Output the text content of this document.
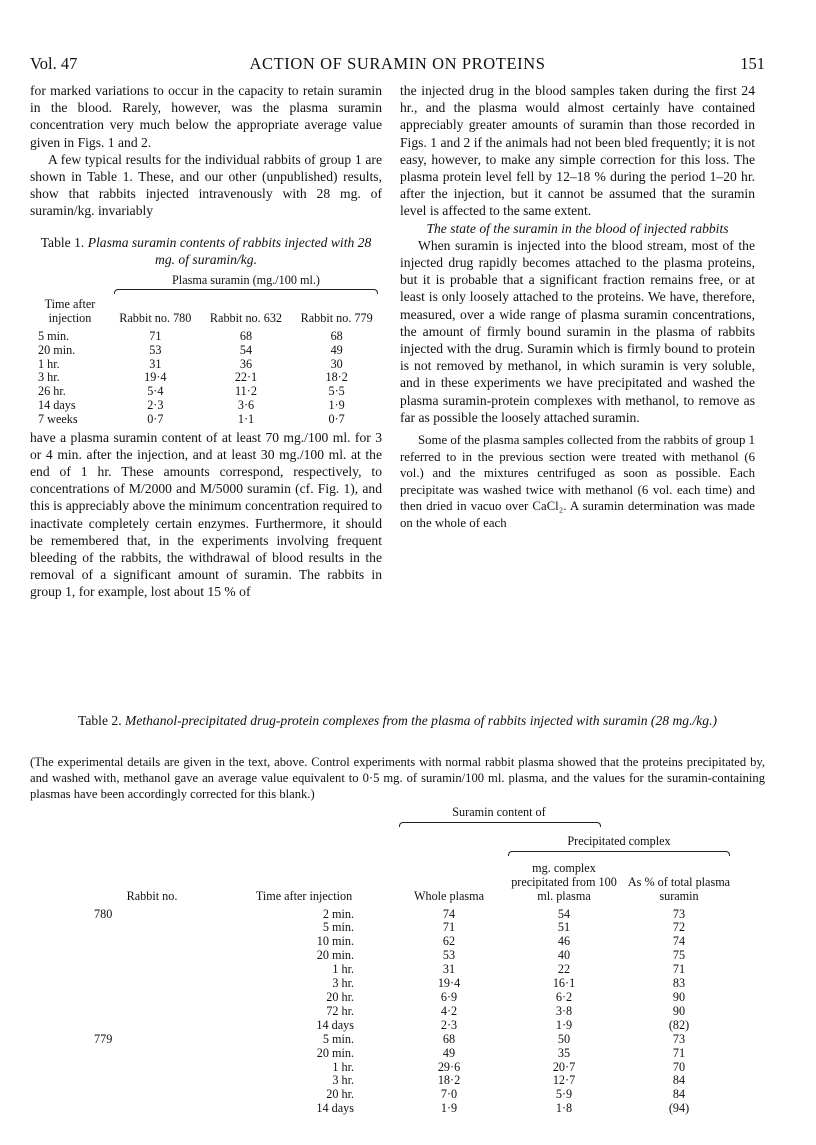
Vol. 47	ACTION OF SURAMIN ON PROTEINS	151

for marked variations to occur in the capacity to retain suramin in the blood. Rarely, however, was the plasma suramin concentration very much below the appropriate average value given in Figs. 1 and 2.

A few typical results for the individual rabbits of group 1 are shown in Table 1. These, and our other (unpublished) results, show that rabbits injected intravenously with 28 mg. of suramin/kg. invariably

Table 1. Plasma suramin contents of rabbits injected with 28 mg. of suramin/kg.
	Plasma suramin (mg./100 ml.)		

Time after injection	Rabbit no. 780	Rabbit no. 632	Rabbit no. 779
5 min.	71	68	68
20 min.	53	54	49
1 hr.	31	36	30
3 hr.	19·4	22·1	18·2
26 hr.	5·4	11·2	5·5
14 days	2·3	3·6	1·9
7 weeks	0·7	1·1	0·7

have a plasma suramin content of at least 70 mg./100 ml. for 3 or 4 min. after the injection, and at least 30 mg./100 ml. at the end of 1 hr. These amounts correspond, respectively, to concentrations of M/2000 and M/5000 suramin (cf. Fig. 1), and this is appreciably above the minimum concentration required to inactivate completely certain enzymes. Furthermore, it should be remembered that, in the experiments involving frequent bleeding of the rabbits, the withdrawal of blood results in the removal of a significant amount of suramin. The rabbits in group 1, for example, lost about 15 % of

the injected drug in the blood samples taken during the first 24 hr., and the plasma would almost certainly have contained appreciably greater amounts of suramin than those recorded in Figs. 1 and 2 if the animals had not been bled frequently; it is not easy, however, to make any simple correction for this loss. The plasma protein level fell by 12–18 % during the period 1–20 hr. after the injection, but it cannot be assumed that the suramin level is affected to the same extent.

The state of the suramin in the blood of injected rabbits

When suramin is injected into the blood stream, most of the injected drug rapidly becomes attached to the plasma proteins, but it is probable that a significant fraction remains free, or at least is only loosely attached to the proteins. We have, therefore, measured, over a wide range of plasma suramin concentrations, the amount of firmly bound suramin in the plasma of rabbits injected with the drug. Suramin which is firmly bound to protein is not removed by methanol, in which suramin is very soluble, and in these experiments we have precipitated and washed the plasma suramin-protein complexes with methanol, to remove as far as possible the loosely attached suramin.

Some of the plasma samples collected from the rabbits of group 1 referred to in the previous section were treated with methanol (6 vol.) and the mixtures centrifuged as soon as possible. Each precipitate was washed twice with methanol (6 vol. each time) and then dried in vacuo over CaCl₂. A suramin determination was made on the whole of each

Table 2. Methanol-precipitated drug-protein complexes from the plasma of rabbits injected with suramin (28 mg./kg.)
(The experimental details are given in the text, above. Control experiments with normal rabbit plasma showed that the proteins precipitated by, and washed with, methanol gave an average value equivalent to 0·5 mg. of suramin/100 ml. plasma, and the values for the suramin-containing plasmas have been accordingly corrected for this blank.)
		Suramin content of		

			Precipitated complex	

Rabbit no.	Time after injection	Whole plasma	mg. complex precipitated from 100 ml. plasma	As % of total plasma suramin
780	2 min.	74	54	73
	5 min.	71	51	72
	10 min.	62	46	74
	20 min.	53	40	75
	1 hr.	31	22	71
	3 hr.	19·4	16·1	83
	20 hr.	6·9	6·2	90
	72 hr.	4·2	3·8	90
	14 days	2·3	1·9	(82)
779	5 min.	68	50	73
	20 min.	49	35	71
	1 hr.	29·6	20·7	70
	3 hr.	18·2	12·7	84
	20 hr.	7·0	5·9	84
	14 days	1·9	1·8	(94)
